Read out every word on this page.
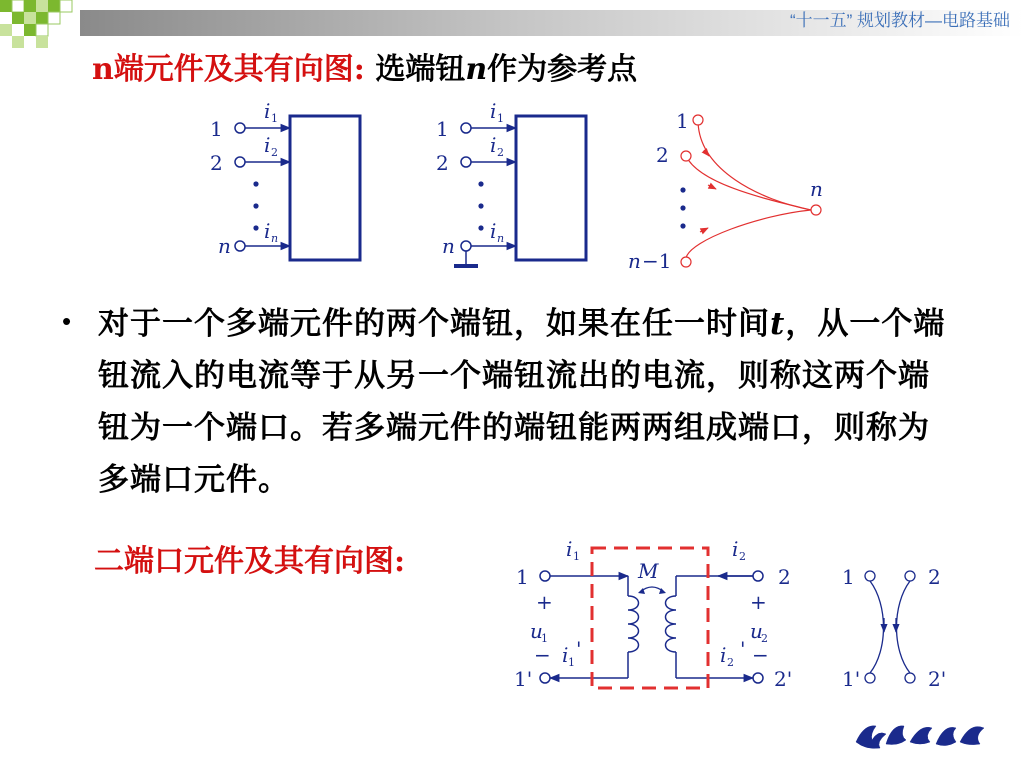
“十一五” 规划教材—电路基础
n端元件及其有向图: 选端钮n作为参考点
1
2
n
i 1
i 2
i n
1
2
n
i 1
i 2
i n
1
2
n
n −1
1
1'
2
2'
i 1	i 2
M
+
u
1
−
+
u
2
−
i 1
'	i 2
'
1	2
1'	2'
• 对于一个多端元件的两个端钮，如果在任一时间t，从一个端钮流入的电流等于从另一个端钮流出的电流，则称这两个端钮为一个端口。若多端元件的端钮能两两组成端口，则称为多端口元件。
二端口元件及其有向图:
